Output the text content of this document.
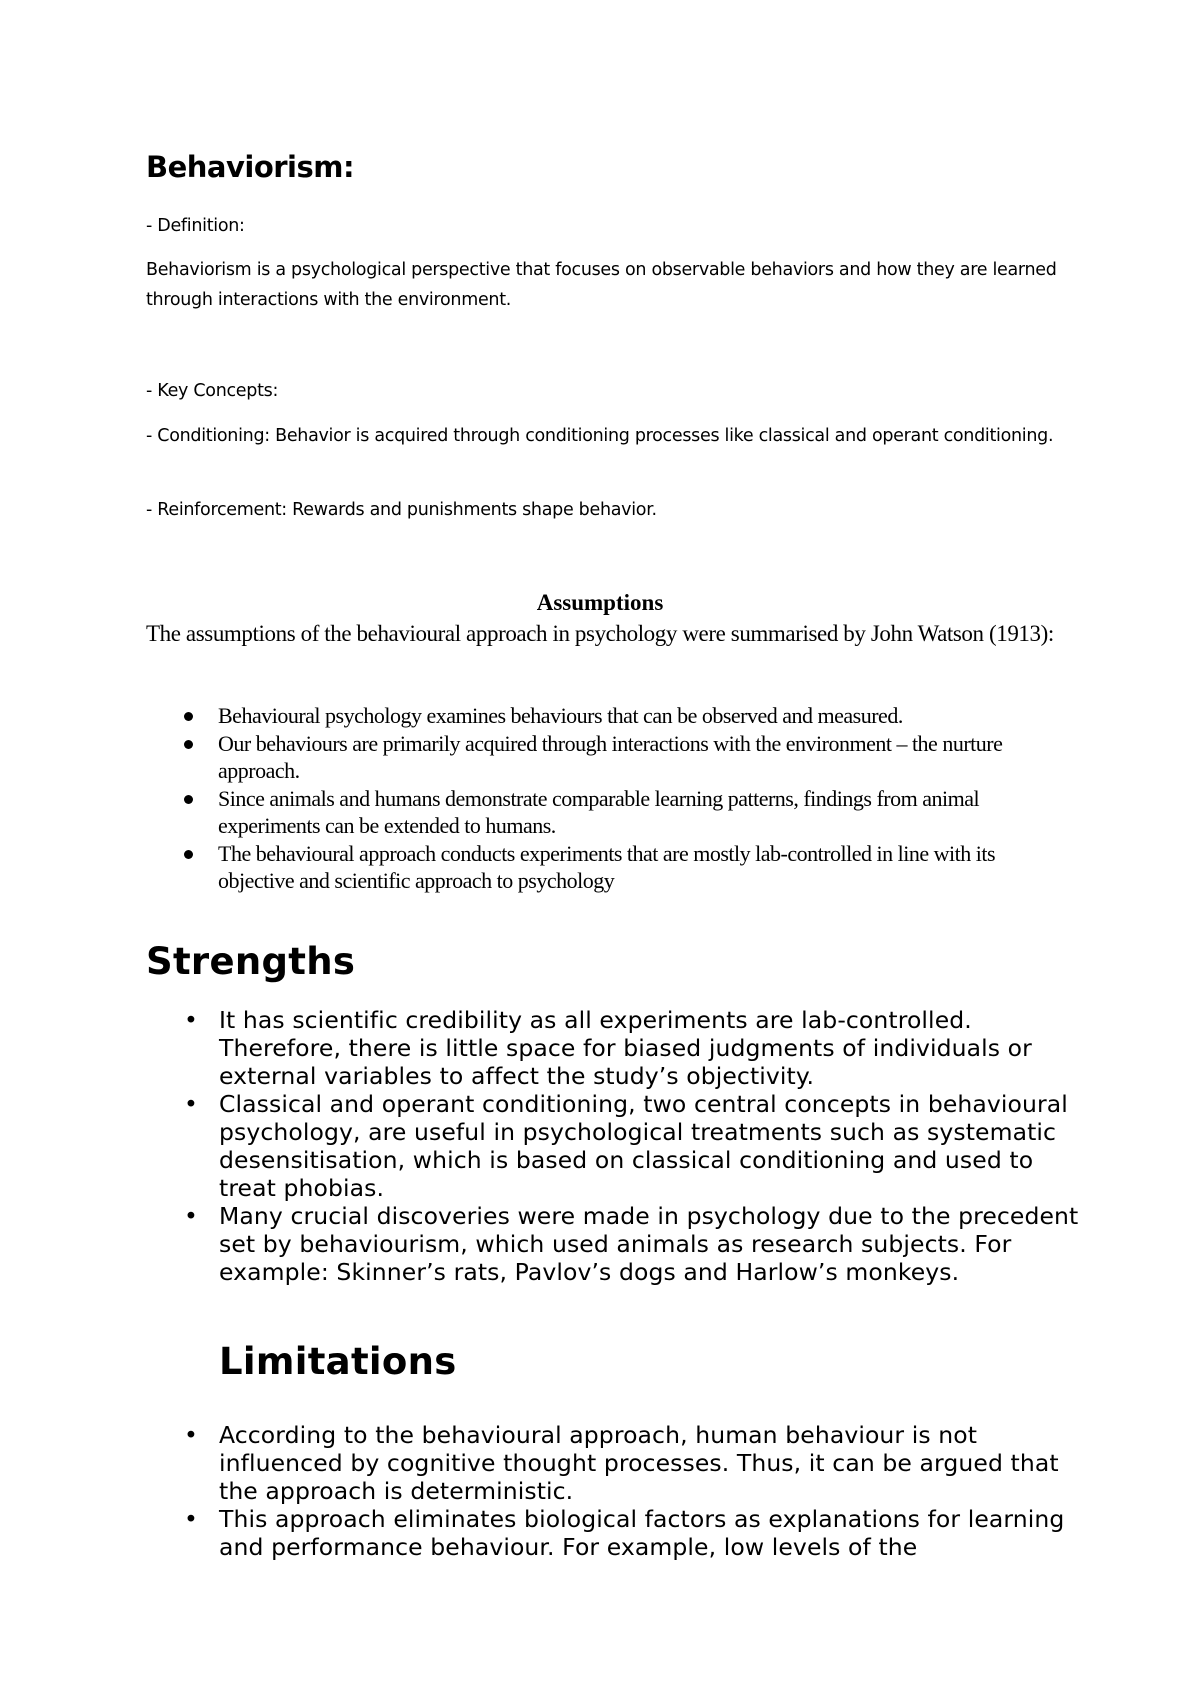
Behaviorism:

- Definition:

Behaviorism is a psychological perspective that focuses on observable behaviors and how they are learned through interactions with the environment.

- Key Concepts:

- Conditioning: Behavior is acquired through conditioning processes like classical and operant conditioning.

- Reinforcement: Rewards and punishments shape behavior.

Assumptions

The assumptions of the behavioural approach in psychology were summarised by John Watson (1913):

Behavioural psychology examines behaviours that can be observed and measured.
Our behaviours are primarily acquired through interactions with the environment – the nurture approach.
Since animals and humans demonstrate comparable learning patterns, findings from animal experiments can be extended to humans.
The behavioural approach conducts experiments that are mostly lab-controlled in line with its objective and scientific approach to psychology
Strengths
• It has scientific credibility as all experiments are lab-controlled. Therefore, there is little space for biased judgments of individuals or external variables to affect the study’s objectivity.
• Classical and operant conditioning, two central concepts in behavioural psychology, are useful in psychological treatments such as systematic desensitisation, which is based on classical conditioning and used to treat phobias.
• Many crucial discoveries were made in psychology due to the precedent set by behaviourism, which used animals as research subjects. For example: Skinner’s rats, Pavlov’s dogs and Harlow’s monkeys.
Limitations
• According to the behavioural approach, human behaviour is not influenced by cognitive thought processes. Thus, it can be argued that the approach is deterministic.
• This approach eliminates biological factors as explanations for learning and performance behaviour. For example, low levels of the
